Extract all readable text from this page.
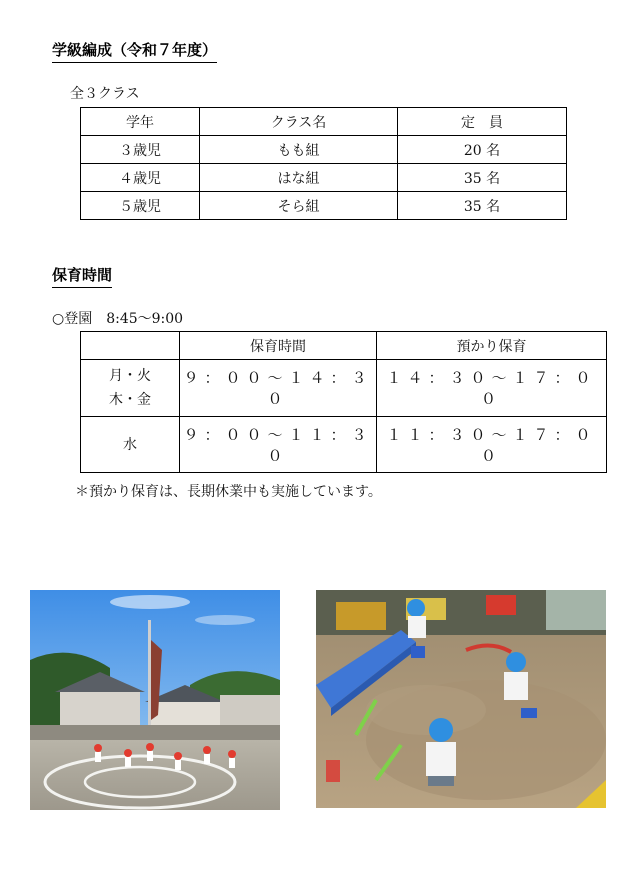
学級編成（令和７年度）
全３クラス
学年	クラス名	定　員
３歳児	もも組	20 名
４歳児	はな組	35 名
５歳児	そら組	35 名
保育時間
○登園　8:45～9:00
	保育時間	預かり保育

月・火
木・金	９：００～１４：３０	１４：３０～１７：００
水	９：００～１１：３０	１１：３０～１７：００
＊預かり保育は、長期休業中も実施しています。
